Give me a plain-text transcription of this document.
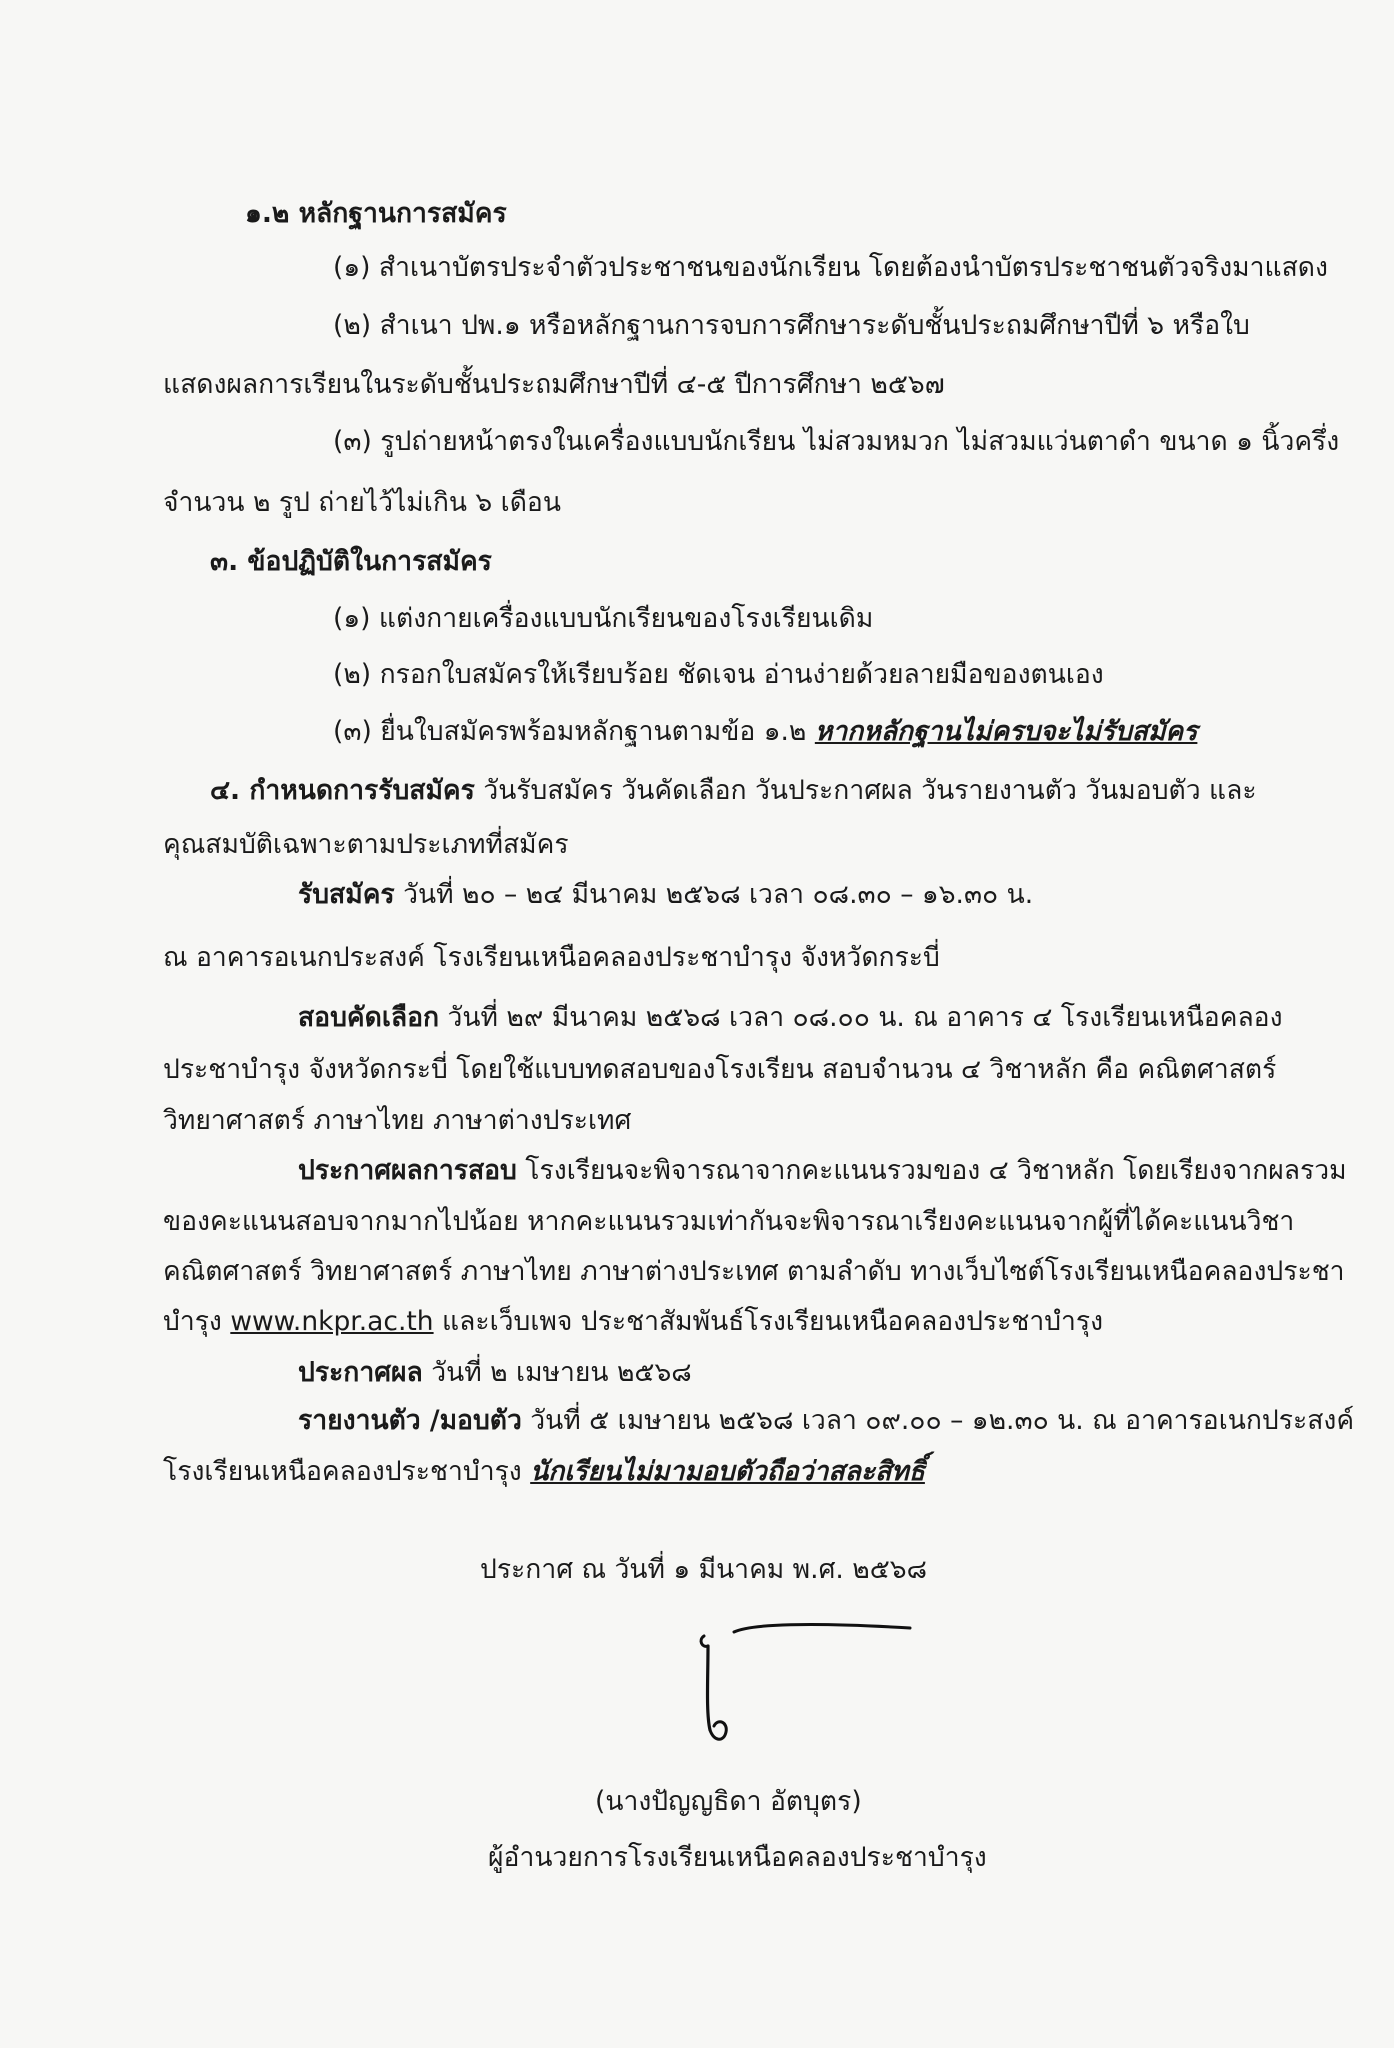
๑.๒ หลักฐานการสมัคร
(๑) สำเนาบัตรประจำตัวประชาชนของนักเรียน โดยต้องนำบัตรประชาชนตัวจริงมาแสดง
(๒) สำเนา ปพ.๑ หรือหลักฐานการจบการศึกษาระดับชั้นประถมศึกษาปีที่ ๖ หรือใบ
แสดงผลการเรียนในระดับชั้นประถมศึกษาปีที่ ๔-๕ ปีการศึกษา ๒๕๖๗
(๓) รูปถ่ายหน้าตรงในเครื่องแบบนักเรียน ไม่สวมหมวก ไม่สวมแว่นตาดำ ขนาด ๑ นิ้วครึ่ง
จำนวน ๒ รูป ถ่ายไว้ไม่เกิน ๖ เดือน
๓. ข้อปฏิบัติในการสมัคร
(๑) แต่งกายเครื่องแบบนักเรียนของโรงเรียนเดิม
(๒) กรอกใบสมัครให้เรียบร้อย ชัดเจน อ่านง่ายด้วยลายมือของตนเอง
(๓) ยื่นใบสมัครพร้อมหลักฐานตามข้อ ๑.๒ หากหลักฐานไม่ครบจะไม่รับสมัคร
๔. กำหนดการรับสมัคร วันรับสมัคร วันคัดเลือก วันประกาศผล วันรายงานตัว วันมอบตัว และ
คุณสมบัติเฉพาะตามประเภทที่สมัคร
รับสมัคร วันที่ ๒๐ – ๒๔ มีนาคม ๒๕๖๘ เวลา ๐๘.๓๐ – ๑๖.๓๐ น.
ณ อาคารอเนกประสงค์ โรงเรียนเหนือคลองประชาบำรุง จังหวัดกระบี่
สอบคัดเลือก วันที่ ๒๙ มีนาคม ๒๕๖๘ เวลา ๐๘.๐๐ น. ณ อาคาร ๔ โรงเรียนเหนือคลอง
ประชาบำรุง จังหวัดกระบี่ โดยใช้แบบทดสอบของโรงเรียน สอบจำนวน ๔ วิชาหลัก คือ คณิตศาสตร์
วิทยาศาสตร์ ภาษาไทย ภาษาต่างประเทศ
ประกาศผลการสอบ โรงเรียนจะพิจารณาจากคะแนนรวมของ ๔ วิชาหลัก โดยเรียงจากผลรวม
ของคะแนนสอบจากมากไปน้อย หากคะแนนรวมเท่ากันจะพิจารณาเรียงคะแนนจากผู้ที่ได้คะแนนวิชา
คณิตศาสตร์ วิทยาศาสตร์ ภาษาไทย ภาษาต่างประเทศ ตามลำดับ ทางเว็บไซต์โรงเรียนเหนือคลองประชา
บำรุง www.nkpr.ac.th และเว็บเพจ ประชาสัมพันธ์โรงเรียนเหนือคลองประชาบำรุง
ประกาศผล วันที่ ๒ เมษายน ๒๕๖๘
รายงานตัว /มอบตัว วันที่ ๕ เมษายน ๒๕๖๘ เวลา ๐๙.๐๐ – ๑๒.๓๐ น. ณ อาคารอเนกประสงค์
โรงเรียนเหนือคลองประชาบำรุง นักเรียนไม่มามอบตัวถือว่าสละสิทธิ์
ประกาศ ณ วันที่ ๑ มีนาคม พ.ศ. ๒๕๖๘
(นางปัญญธิดา อัตบุตร)
ผู้อำนวยการโรงเรียนเหนือคลองประชาบำรุง
